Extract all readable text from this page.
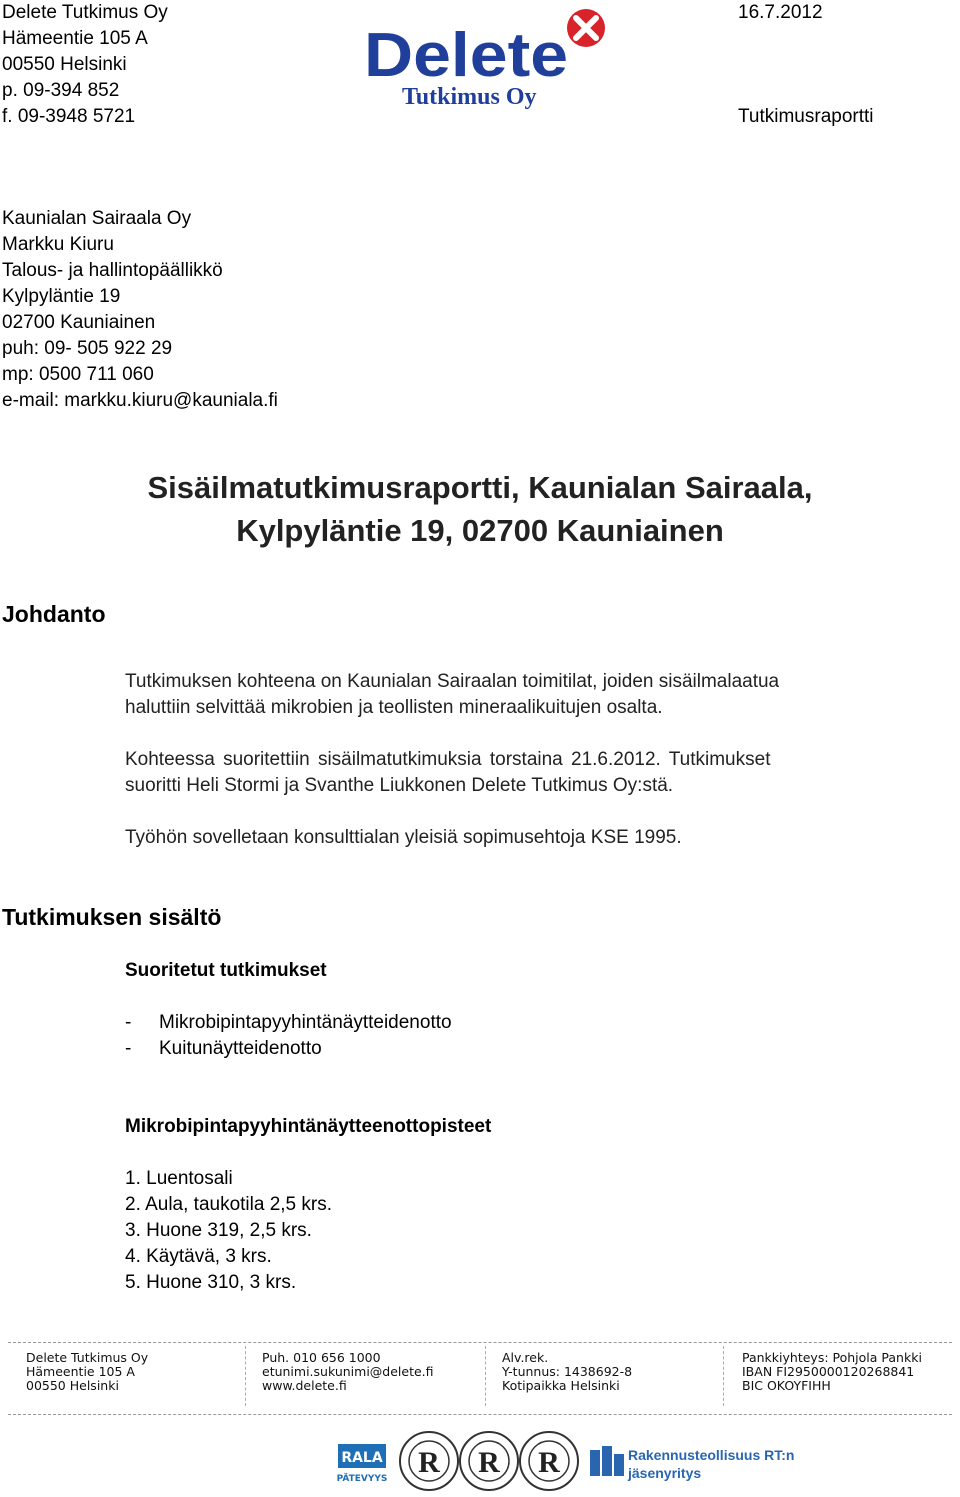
Delete Tutkimus Oy
Hämeentie 105 A
00550 Helsinki
p. 09-394 852
f. 09-3948 5721
Delete
Tutkimus Oy
16.7.2012
Tutkimusraportti
Kaunialan Sairaala Oy
Markku Kiuru
Talous- ja hallintopäällikkö
Kylpyläntie 19
02700 Kauniainen
puh: 09- 505 922 29
mp: 0500 711 060
e-mail: markku.kiuru@kauniala.fi
Sisäilmatutkimusraportti, Kaunialan Sairaala,
Kylpyläntie 19, 02700 Kauniainen
Johdanto
Tutkimuksen kohteena on Kaunialan Sairaalan toimitilat, joiden sisäilmalaatua
haluttiin selvittää mikrobien ja teollisten mineraalikuitujen osalta.
Kohteessa suoritettiin sisäilmatutkimuksia torstaina 21.6.2012. Tutkimukset
suoritti Heli Stormi ja Svanthe Liukkonen Delete Tutkimus Oy:stä.
Työhön sovelletaan konsulttialan yleisiä sopimusehtoja KSE 1995.
Tutkimuksen sisältö
Suoritetut tutkimukset
- Mikrobipintapyyhintänäytteidenotto
- Kuitunäytteidenotto
Mikrobipintapyyhintänäytteenottopisteet
1. Luentosali
2. Aula, taukotila 2,5 krs.
3. Huone 319, 2,5 krs.
4. Käytävä, 3 krs.
5. Huone 310, 3 krs.
Delete Tutkimus Oy
Hämeentie 105 A
00550 Helsinki
Puh. 010 656 1000
etunimi.sukunimi@delete.fi
www.delete.fi
Alv.rek.
Y-tunnus: 1438692-8
Kotipaikka Helsinki
Pankkiyhteys: Pohjola Pankki
IBAN FI2950000120268841
BIC OKOYFIHH
RALA
PÄTEVYYS R R R	Rakennusteollisuus RT:n
jäsenyritys
